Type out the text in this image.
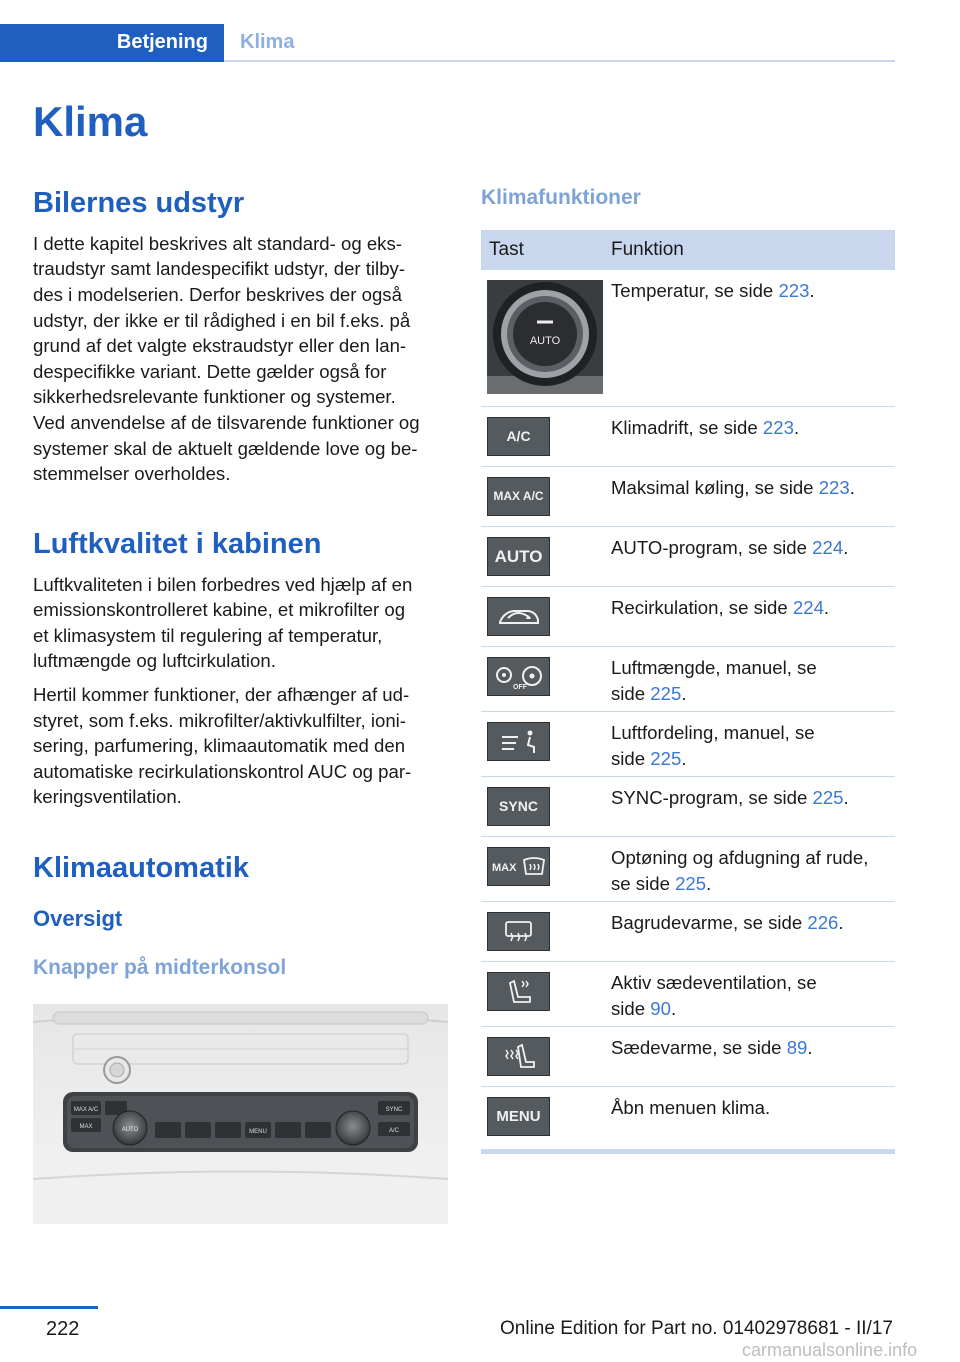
Betjening	Klima
Klima
Bilernes udstyr
I dette kapitel beskrives alt standard- og eks-
traudstyr samt landespecifikt udstyr, der tilby-
des i modelserien. Derfor beskrives der også
udstyr, der ikke er til rådighed i en bil f.eks. på
grund af det valgte ekstraudstyr eller den lan-
despecifikke variant. Dette gælder også for
sikkerhedsrelevante funktioner og systemer.
Ved anvendelse af de tilsvarende funktioner og
systemer skal de aktuelt gældende love og be-
stemmelser overholdes.
Luftkvalitet i kabinen
Luftkvaliteten i bilen forbedres ved hjælp af en
emissionskontrolleret kabine, et mikrofilter og
et klimasystem til regulering af temperatur,
luftmængde og luftcirkulation.
Hertil kommer funktioner, der afhænger af ud-
styret, som f.eks. mikrofilter/aktivkulfilter, ioni-
sering, parfumering, klimaautomatik med den
automatiske recirkulationskontrol AUC og par-
keringsventilation.
Klimaautomatik
Oversigt
Knapper på midterkonsol
MAX A/C
MAX	AUTO	MENU
SYNC
A/C
Klimafunktioner
Tast	Funktion
AUTO
Temperatur, se side 223.
A/C	Klimadrift, se side 223.
MAX A/C	Maksimal køling, se side 223.
AUTO	AUTO-program, se side 224.
Recirkulation, se side 224.
OFF
Luftmængde, manuel, se
side 225.
Luftfordeling, manuel, se
side 225.
SYNC	SYNC-program, se side 225.
MAX	Optøning og afdugning af rude,
se side 225.
Bagrudevarme, se side 226.
Aktiv sædeventilation, se
side 90.
Sædevarme, se side 89.
MENU	Åbn menuen klima.
222	Online Edition for Part no. 01402978681 - II/17
carmanualsonline.info
